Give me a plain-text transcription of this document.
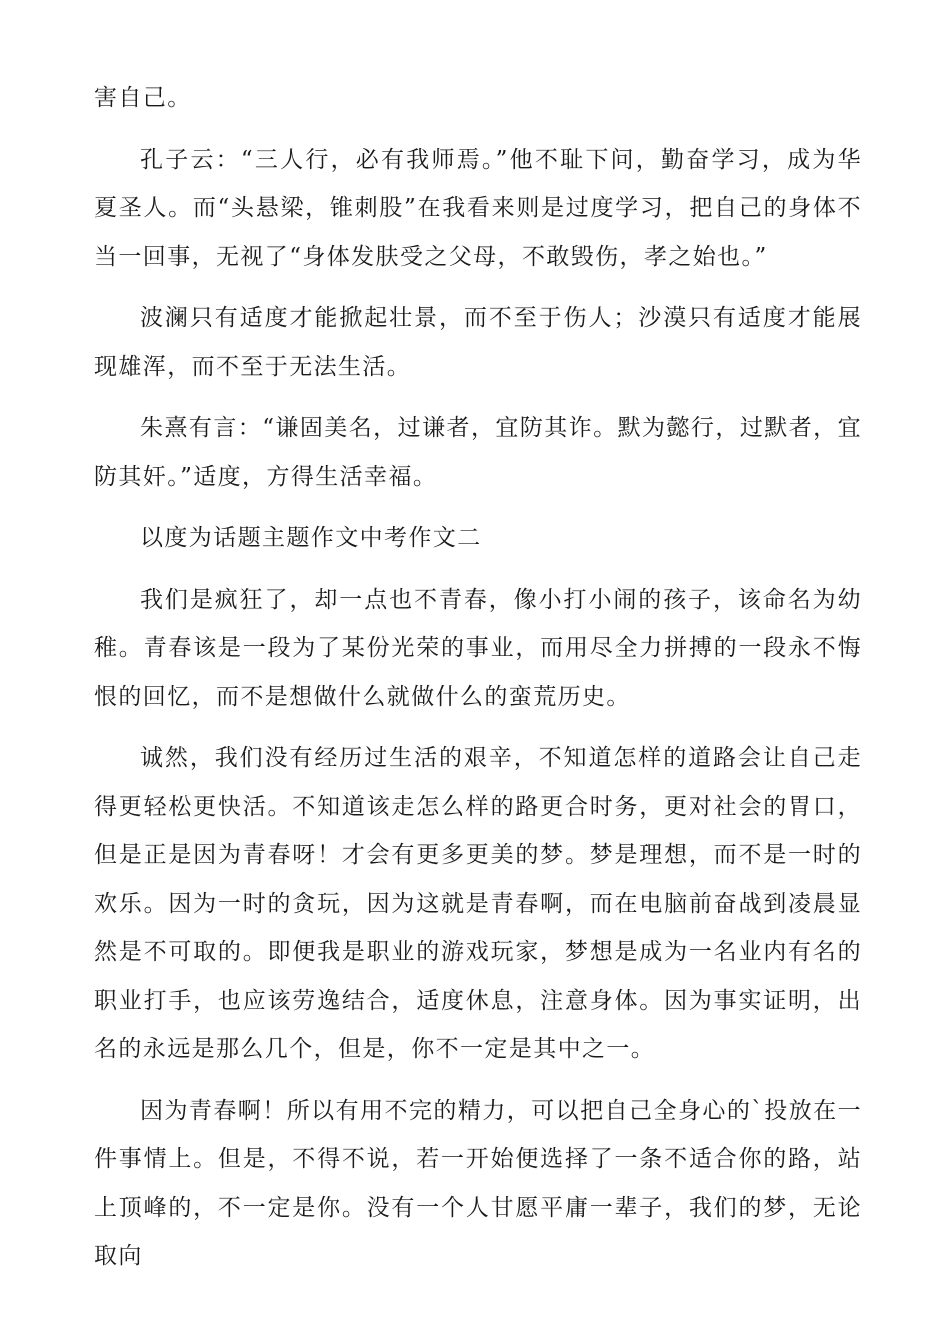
害自己。

孔子云：“三人行，必有我师焉。”他不耻下问，勤奋学习，成为华夏圣人。而“头悬梁，锥刺股”在我看来则是过度学习，把自己的身体不当一回事，无视了“身体发肤受之父母，不敢毁伤，孝之始也。”

波澜只有适度才能掀起壮景，而不至于伤人；沙漠只有适度才能展现雄浑，而不至于无法生活。

朱熹有言：“谦固美名，过谦者，宜防其诈。默为懿行，过默者，宜防其奸。”适度，方得生活幸福。

以度为话题主题作文中考作文二

我们是疯狂了，却一点也不青春，像小打小闹的孩子，该命名为幼稚。青春该是一段为了某份光荣的事业，而用尽全力拼搏的一段永不悔恨的回忆，而不是想做什么就做什么的蛮荒历史。

诚然，我们没有经历过生活的艰辛，不知道怎样的道路会让自己走得更轻松更快活。不知道该走怎么样的路更合时务，更对社会的胃口，但是正是因为青春呀！才会有更多更美的梦。梦是理想，而不是一时的欢乐。因为一时的贪玩，因为这就是青春啊，而在电脑前奋战到凌晨显然是不可取的。即便我是职业的游戏玩家，梦想是成为一名业内有名的职业打手，也应该劳逸结合，适度休息，注意身体。因为事实证明，出名的永远是那么几个，但是，你不一定是其中之一。

因为青春啊！所以有用不完的精力，可以把自己全身心的`投放在一件事情上。但是，不得不说，若一开始便选择了一条不适合你的路，站上顶峰的，不一定是你。没有一个人甘愿平庸一辈子，我们的梦，无论取向
